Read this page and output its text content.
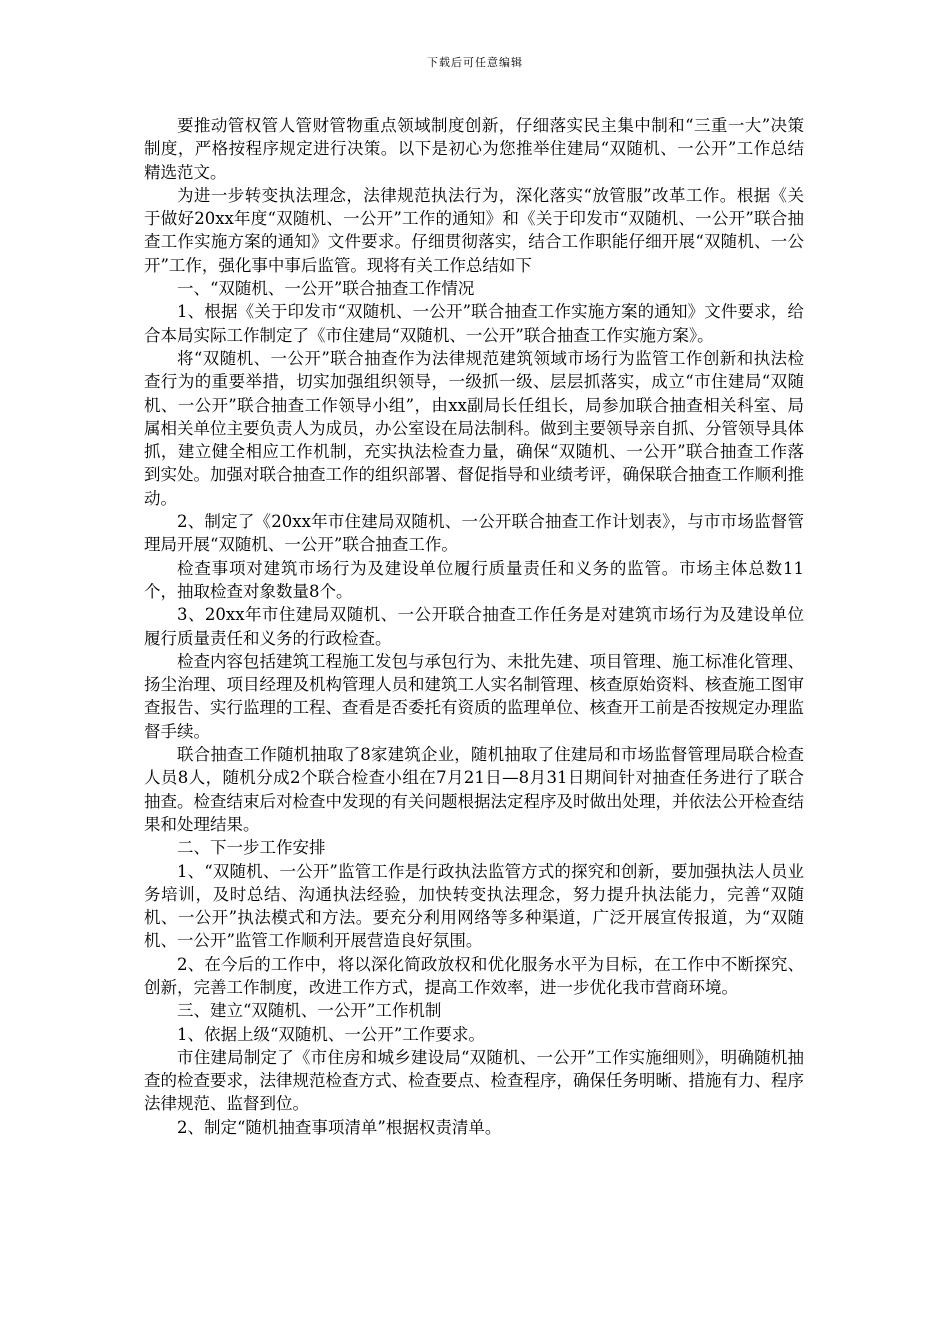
下载后可任意编辑

要推动管权管人管财管物重点领域制度创新，仔细落实民主集中制和“三重一大”决策制度，严格按程序规定进行决策。以下是初心为您推举住建局“双随机、一公开”工作总结精选范文。

为进一步转变执法理念，法律规范执法行为，深化落实“放管服”改革工作。根据《关于做好20xx年度“双随机、一公开”工作的通知》和《关于印发市“双随机、一公开”联合抽查工作实施方案的通知》文件要求。仔细贯彻落实，结合工作职能仔细开展“双随机、一公开”工作，强化事中事后监管。现将有关工作总结如下

一、“双随机、一公开”联合抽查工作情况

1、根据《关于印发市“双随机、一公开”联合抽查工作实施方案的通知》文件要求，给合本局实际工作制定了《市住建局“双随机、一公开”联合抽查工作实施方案》。

将“双随机、一公开”联合抽查作为法律规范建筑领域市场行为监管工作创新和执法检查行为的重要举措，切实加强组织领导，一级抓一级、层层抓落实，成立“市住建局“双随机、一公开”联合抽查工作领导小组”，由xx副局长任组长，局参加联合抽查相关科室、局属相关单位主要负责人为成员，办公室设在局法制科。做到主要领导亲自抓、分管领导具体抓，建立健全相应工作机制，充实执法检查力量，确保“双随机、一公开”联合抽查工作落到实处。加强对联合抽查工作的组织部署、督促指导和业绩考评，确保联合抽查工作顺利推动。

2、制定了《20xx年市住建局双随机、一公开联合抽查工作计划表》，与市市场监督管理局开展“双随机、一公开”联合抽查工作。

检查事项对建筑市场行为及建设单位履行质量责任和义务的监管。市场主体总数11个，抽取检查对象数量8个。

3、20xx年市住建局双随机、一公开联合抽查工作任务是对建筑市场行为及建设单位履行质量责任和义务的行政检查。

检查内容包括建筑工程施工发包与承包行为、未批先建、项目管理、施工标准化管理、扬尘治理、项目经理及机构管理人员和建筑工人实名制管理、核查原始资料、核查施工图审查报告、实行监理的工程、查看是否委托有资质的监理单位、核查开工前是否按规定办理监督手续。

联合抽查工作随机抽取了8家建筑企业，随机抽取了住建局和市场监督管理局联合检查人员8人，随机分成2个联合检查小组在7月21日—8月31日期间针对抽查任务进行了联合抽查。检查结束后对检查中发现的有关问题根据法定程序及时做出处理，并依法公开检查结果和处理结果。

二、下一步工作安排

1、“双随机、一公开”监管工作是行政执法监管方式的探究和创新，要加强执法人员业务培训，及时总结、沟通执法经验，加快转变执法理念，努力提升执法能力，完善“双随机、一公开”执法模式和方法。要充分利用网络等多种渠道，广泛开展宣传报道，为“双随机、一公开”监管工作顺利开展营造良好氛围。

2、在今后的工作中，将以深化简政放权和优化服务水平为目标，在工作中不断探究、创新，完善工作制度，改进工作方式，提高工作效率，进一步优化我市营商环境。

三、建立“双随机、一公开”工作机制

1、依据上级“双随机、一公开”工作要求。

市住建局制定了《市住房和城乡建设局“双随机、一公开”工作实施细则》，明确随机抽查的检查要求，法律规范检查方式、检查要点、检查程序，确保任务明晰、措施有力、程序法律规范、监督到位。

2、制定“随机抽查事项清单”根据权责清单。
